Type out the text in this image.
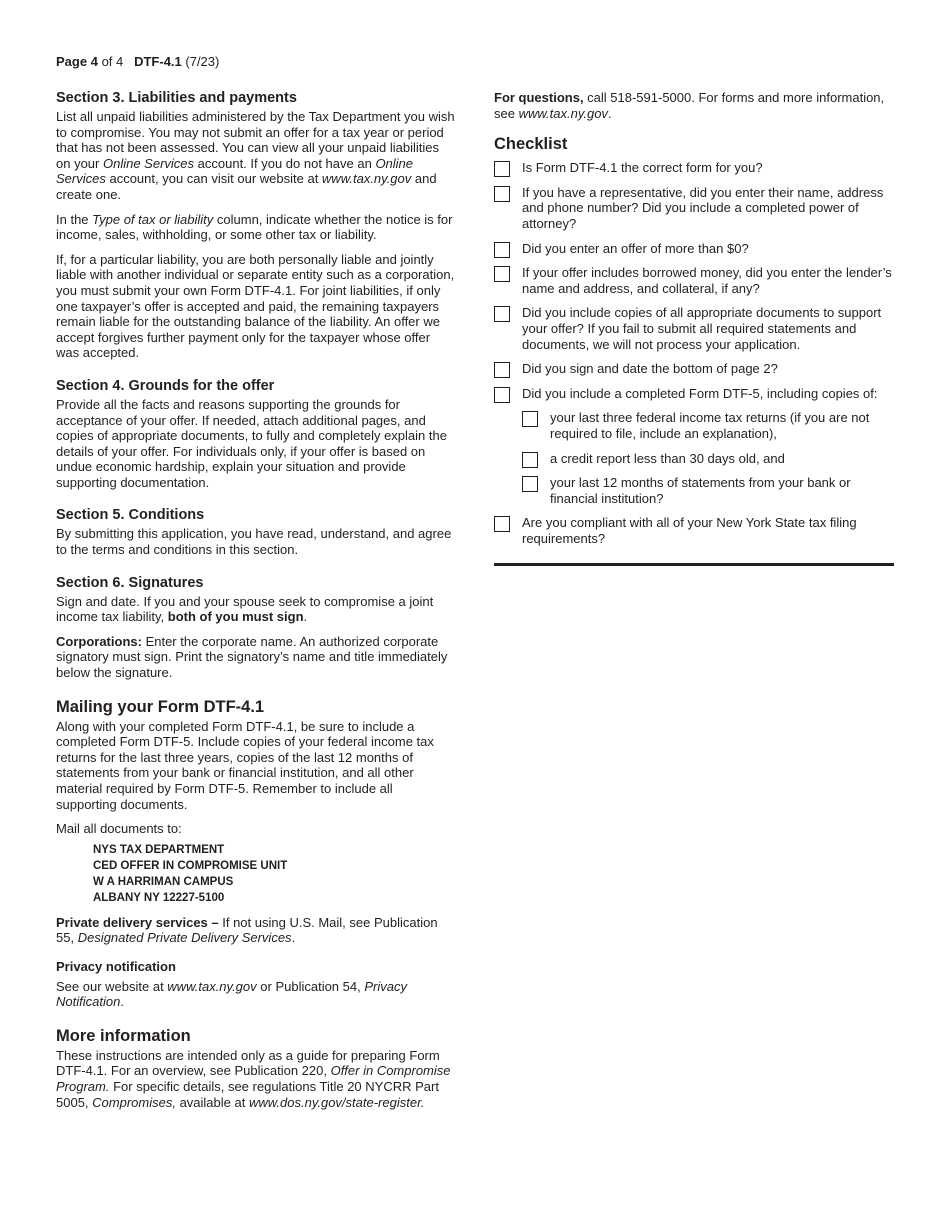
Page 4 of 4 DTF-4.1 (7/23)
Section 3. Liabilities and payments

List all unpaid liabilities administered by the Tax Department you wish to compromise. You may not submit an offer for a tax year or period that has not been assessed. You can view all your unpaid liabilities on your Online Services account. If you do not have an Online Services account, you can visit our website at www.tax.ny.gov and create one.

In the Type of tax or liability column, indicate whether the notice is for income, sales, withholding, or some other tax or liability.

If, for a particular liability, you are both personally liable and jointly liable with another individual or separate entity such as a corporation, you must submit your own Form DTF-4.1. For joint liabilities, if only one taxpayer’s offer is accepted and paid, the remaining taxpayers remain liable for the outstanding balance of the liability. An offer we accept forgives further payment only for the taxpayer whose offer was accepted.

Section 4. Grounds for the offer

Provide all the facts and reasons supporting the grounds for acceptance of your offer. If needed, attach additional pages, and copies of appropriate documents, to fully and completely explain the details of your offer. For individuals only, if your offer is based on undue economic hardship, explain your situation and provide supporting documentation.

Section 5. Conditions

By submitting this application, you have read, understand, and agree to the terms and conditions in this section.

Section 6. Signatures

Sign and date. If you and your spouse seek to compromise a joint income tax liability, both of you must sign.

Corporations: Enter the corporate name. An authorized corporate signatory must sign. Print the signatory’s name and title immediately below the signature.

Mailing your Form DTF-4.1

Along with your completed Form DTF-4.1, be sure to include a completed Form DTF-5. Include copies of your federal income tax returns for the last three years, copies of the last 12 months of statements from your bank or financial institution, and all other material required by Form DTF-5. Remember to include all supporting documents.

Mail all documents to:

NYS TAX DEPARTMENT
CED OFFER IN COMPROMISE UNIT
W A HARRIMAN CAMPUS
ALBANY NY 12227-5100

Private delivery services – If not using U.S. Mail, see Publication 55, Designated Private Delivery Services.

Privacy notification

See our website at www.tax.ny.gov or Publication 54, Privacy Notification.

More information

These instructions are intended only as a guide for preparing Form DTF-4.1. For an overview, see Publication 220, Offer in Compromise Program. For specific details, see regulations Title 20 NYCRR Part 5005, Compromises, available at www.dos.ny.gov/state-register.

For questions, call 518-591-5000. For forms and more information, see www.tax.ny.gov.

Checklist
Is Form DTF-4.1 the correct form for you?
If you have a representative, did you enter their name, address and phone number? Did you include a completed power of attorney?
Did you enter an offer of more than $0?
If your offer includes borrowed money, did you enter the lender’s name and address, and collateral, if any?
Did you include copies of all appropriate documents to support your offer? If you fail to submit all required statements and documents, we will not process your application.
Did you sign and date the bottom of page 2?
Did you include a completed Form DTF-5, including copies of:
your last three federal income tax returns (if you are not required to file, include an explanation),
a credit report less than 30 days old, and
your last 12 months of statements from your bank or financial institution?
Are you compliant with all of your New York State tax filing requirements?
